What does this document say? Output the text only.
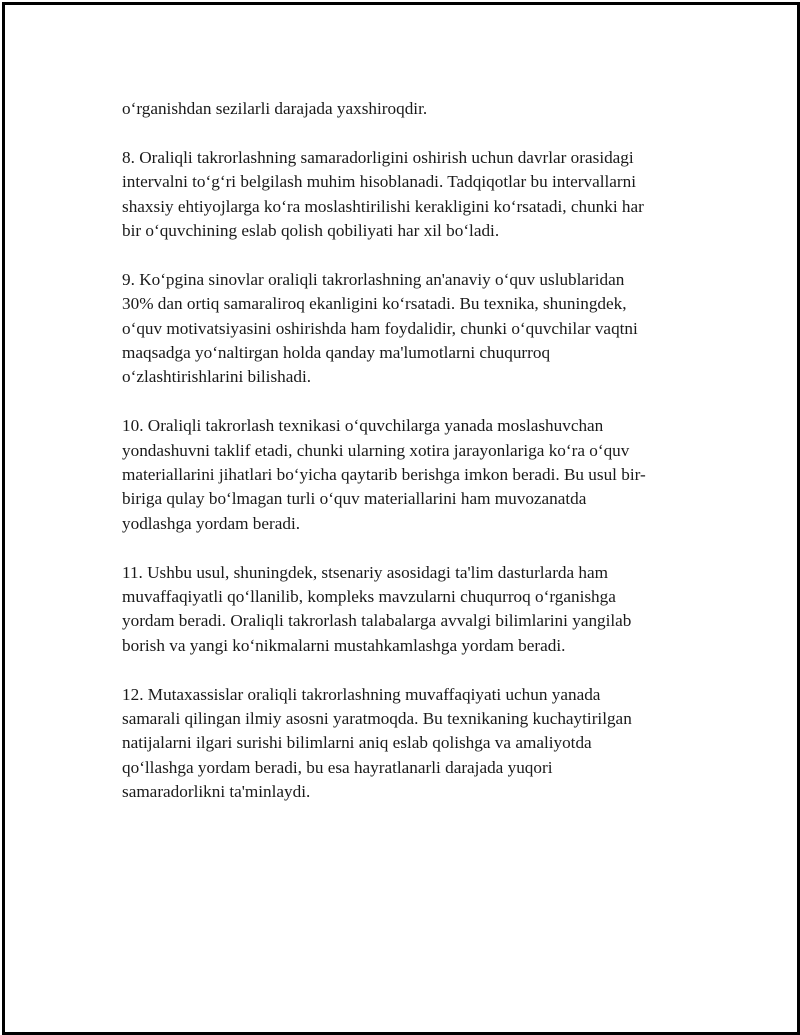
o‘rganishdan sezilarli darajada yaxshiroqdir.

8. Oraliqli takrorlashning samaradorligini oshirish uchun davrlar orasidagi
intervalni to‘g‘ri belgilash muhim hisoblanadi. Tadqiqotlar bu intervallarni
shaxsiy ehtiyojlarga ko‘ra moslashtirilishi kerakligini ko‘rsatadi, chunki har
bir o‘quvchining eslab qolish qobiliyati har xil bo‘ladi.

9. Ko‘pgina sinovlar oraliqli takrorlashning an'anaviy o‘quv uslublaridan
30% dan ortiq samaraliroq ekanligini ko‘rsatadi. Bu texnika, shuningdek,
o‘quv motivatsiyasini oshirishda ham foydalidir, chunki o‘quvchilar vaqtni
maqsadga yo‘naltirgan holda qanday ma'lumotlarni chuqurroq
o‘zlashtirishlarini bilishadi.

10. Oraliqli takrorlash texnikasi o‘quvchilarga yanada moslashuvchan
yondashuvni taklif etadi, chunki ularning xotira jarayonlariga ko‘ra o‘quv
materiallarini jihatlari bo‘yicha qaytarib berishga imkon beradi. Bu usul bir-
biriga qulay bo‘lmagan turli o‘quv materiallarini ham muvozanatda
yodlashga yordam beradi.

11. Ushbu usul, shuningdek, stsenariy asosidagi ta'lim dasturlarda ham
muvaffaqiyatli qo‘llanilib, kompleks mavzularni chuqurroq o‘rganishga
yordam beradi. Oraliqli takrorlash talabalarga avvalgi bilimlarini yangilab
borish va yangi ko‘nikmalarni mustahkamlashga yordam beradi.

12. Mutaxassislar oraliqli takrorlashning muvaffaqiyati uchun yanada
samarali qilingan ilmiy asosni yaratmoqda. Bu texnikaning kuchaytirilgan
natijalarni ilgari surishi bilimlarni aniq eslab qolishga va amaliyotda
qo‘llashga yordam beradi, bu esa hayratlanarli darajada yuqori
samaradorlikni ta'minlaydi.
